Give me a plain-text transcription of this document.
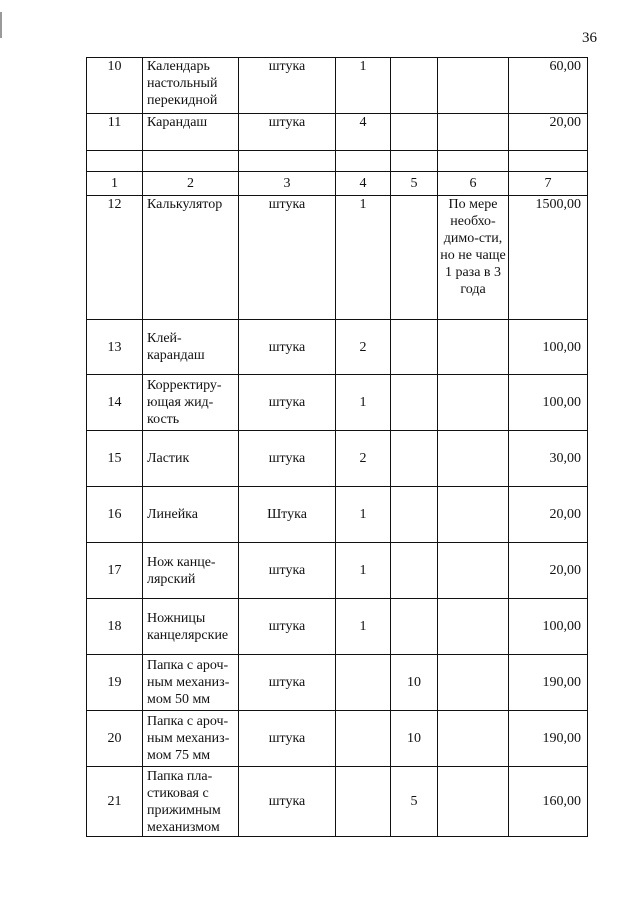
36
10	Календарь настольный перекидной	штука	1			60,00
11	Карандаш	штука	4			20,00

1	2	3	4	5	6	7
12	Калькулятор	штука	1		По мере необхо-димо-сти, но не чаще 1 раза в 3 года	1500,00
13	Клей-карандаш	штука	2			100,00
14	Корректиру-ющая жид-кость	штука	1			100,00
15	Ластик	штука	2			30,00
16	Линейка	Штука	1			20,00
17	Нож канце-лярский	штука	1			20,00
18	Ножницы канцелярские	штука	1			100,00
19	Папка с ароч-ным механиз-мом 50 мм	штука		10		190,00
20	Папка с ароч-ным механиз-мом 75 мм	штука		10		190,00
21	Папка пла-стиковая с прижимным механизмом	штука		5		160,00
